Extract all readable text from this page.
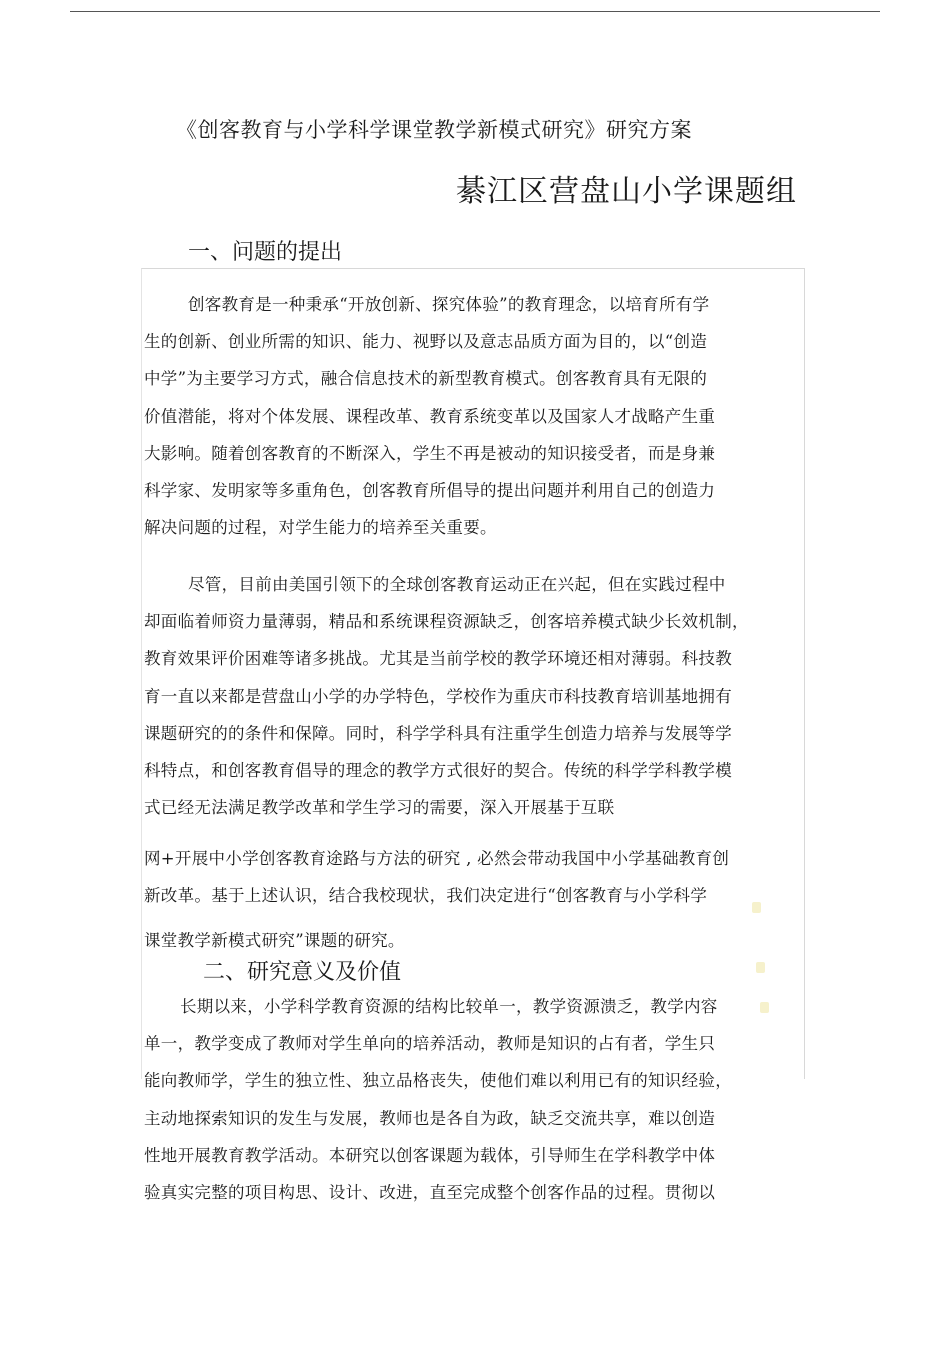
《创客教育与小学科学课堂教学新模式研究》研究方案
綦江区营盘山小学课题组
一、问题的提出
创客教育是一种秉承“开放创新、探究体验”的教育理念，以培育所有学
生的创新、创业所需的知识、能力、视野以及意志品质方面为目的，以“创造
中学”为主要学习方式，融合信息技术的新型教育模式。创客教育具有无限的
价值潜能，将对个体发展、课程改革、教育系统变革以及国家人才战略产生重
大影响。随着创客教育的不断深入，学生不再是被动的知识接受者，而是身兼
科学家、发明家等多重角色，创客教育所倡导的提出问题并利用自己的创造力
解决问题的过程，对学生能力的培养至关重要。
尽管，目前由美国引领下的全球创客教育运动正在兴起，但在实践过程中
却面临着师资力量薄弱，精品和系统课程资源缺乏，创客培养模式缺少长效机制，
教育效果评价困难等诸多挑战。尤其是当前学校的教学环境还相对薄弱。科技教
育一直以来都是营盘山小学的办学特色，学校作为重庆市科技教育培训基地拥有
课题研究的的条件和保障。同时，科学学科具有注重学生创造力培养与发展等学
科特点，和创客教育倡导的理念的教学方式很好的契合。传统的科学学科教学模
式已经无法满足教学改革和学生学习的需要，深入开展基于互联
网+开展中小学创客教育途路与方法的研究 , 必然会带动我国中小学基础教育创
新改革。基于上述认识，结合我校现状，我们决定进行“创客教育与小学科学
课堂教学新模式研究”课题的研究。
二、研究意义及价值
长期以来，小学科学教育资源的结构比较单一，教学资源溃乏，教学内容
单一，教学变成了教师对学生单向的培养活动，教师是知识的占有者，学生只
能向教师学，学生的独立性、独立品格丧失，使他们难以利用已有的知识经验，
主动地探索知识的发生与发展，教师也是各自为政，缺乏交流共享，难以创造
性地开展教育教学活动。本研究以创客课题为载体，引导师生在学科教学中体
验真实完整的项目构思、设计、改进，直至完成整个创客作品的过程。贯彻以
